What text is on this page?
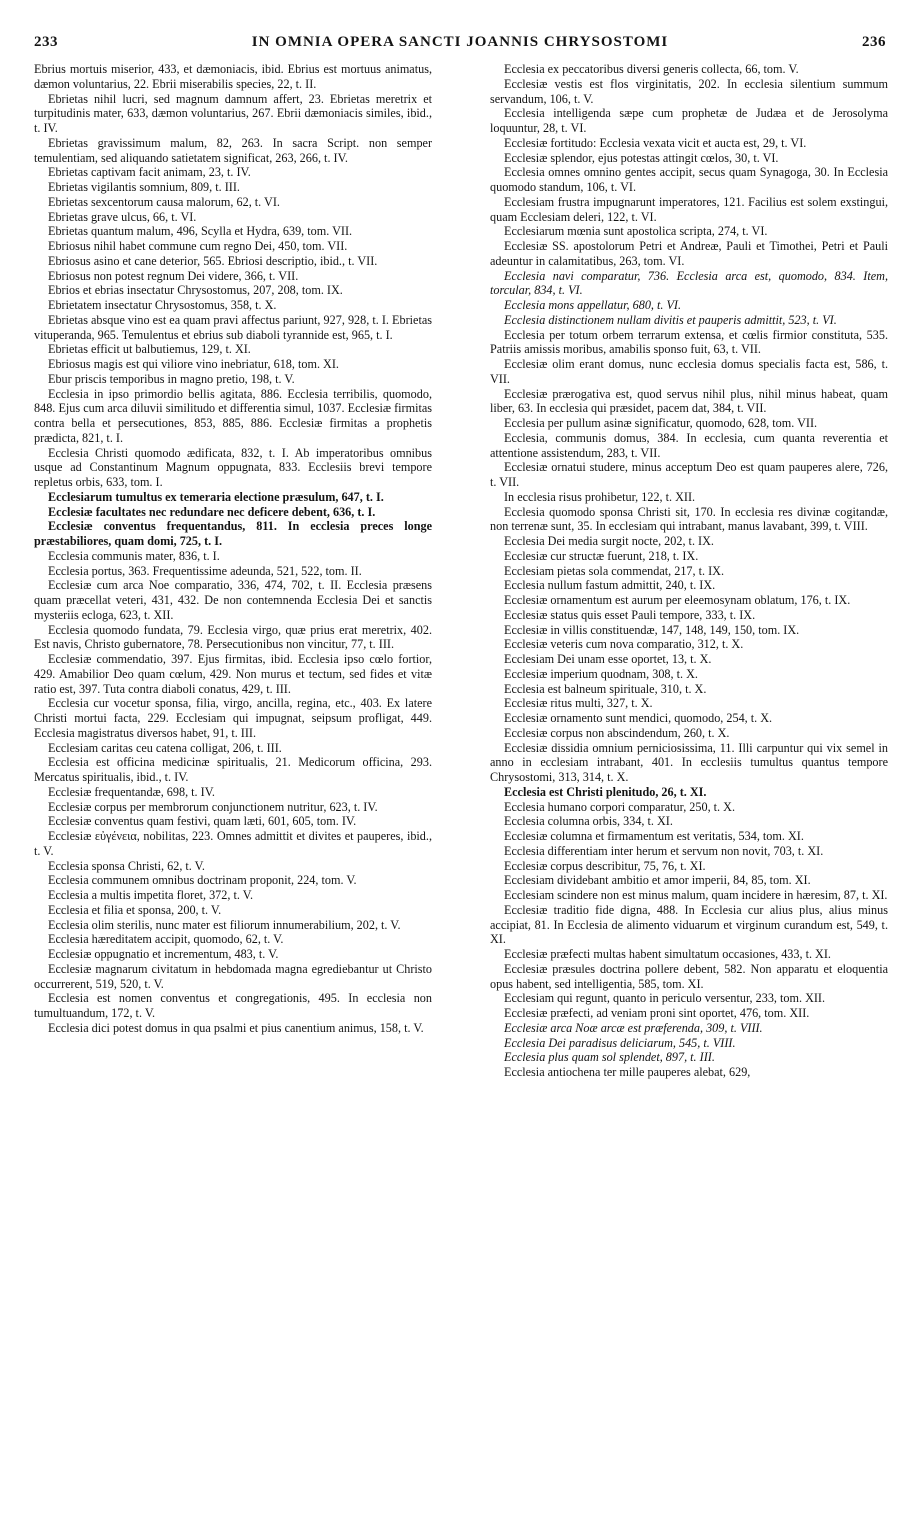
233	IN OMNIA OPERA SANCTI JOANNIS CHRYSOSTOMI	236

Ebrius mortuis miserior, 433, et dæmoniacis, ibid. Ebrius est mortuus animatus, dæmon voluntarius, 22. Ebrii miserabilis species, 22, t. II.

Ebrietas nihil lucri, sed magnum damnum affert, 23. Ebrietas meretrix et turpitudinis mater, 633, dæmon voluntarius, 267. Ebrii dæmoniacis similes, ibid., t. IV.

Ebrietas gravissimum malum, 82, 263. In sacra Script. non semper temulentiam, sed aliquando satietatem significat, 263, 266, t. IV.

Ebrietas captivam facit animam, 23, t. IV.

Ebrietas vigilantis somnium, 809, t. III.

Ebrietas sexcentorum causa malorum, 62, t. VI.

Ebrietas grave ulcus, 66, t. VI.

Ebrietas quantum malum, 496, Scylla et Hydra, 639, tom. VII.

Ebriosus nihil habet commune cum regno Dei, 450, tom. VII.

Ebriosus asino et cane deterior, 565. Ebriosi descriptio, ibid., t. VII.

Ebriosus non potest regnum Dei videre, 366, t. VII.

Ebrios et ebrias insectatur Chrysostomus, 207, 208, tom. IX.

Ebrietatem insectatur Chrysostomus, 358, t. X.

Ebrietas absque vino est ea quam pravi affectus pariunt, 927, 928, t. I. Ebrietas vituperanda, 965. Temulentus et ebrius sub diaboli tyrannide est, 965, t. I.

Ebrietas efficit ut balbutiemus, 129, t. XI.

Ebriosus magis est qui viliore vino inebriatur, 618, tom. XI.

Ebur priscis temporibus in magno pretio, 198, t. V.

Ecclesia in ipso primordio bellis agitata, 886. Ecclesia terribilis, quomodo, 848. Ejus cum arca diluvii similitudo et differentia simul, 1037. Ecclesiæ firmitas contra bella et persecutiones, 853, 885, 886. Ecclesiæ firmitas a prophetis prædicta, 821, t. I.

Ecclesia Christi quomodo ædificata, 832, t. I. Ab imperatoribus omnibus usque ad Constantinum Magnum oppugnata, 833. Ecclesiis brevi tempore repletus orbis, 633, tom. I.

Ecclesiarum tumultus ex temeraria electione præsulum, 647, t. I.

Ecclesiæ facultates nec redundare nec deficere debent, 636, t. I.

Ecclesiæ conventus frequentandus, 811. In ecclesia preces longe præstabiliores, quam domi, 725, t. I.

Ecclesia communis mater, 836, t. I.

Ecclesia portus, 363. Frequentissime adeunda, 521, 522, tom. II.

Ecclesiæ cum arca Noe comparatio, 336, 474, 702, t. II. Ecclesia præsens quam præcellat veteri, 431, 432. De non contemnenda Ecclesia Dei et sanctis mysteriis ecloga, 623, t. XII.

Ecclesia quomodo fundata, 79. Ecclesia virgo, quæ prius erat meretrix, 402. Est navis, Christo gubernatore, 78. Persecutionibus non vincitur, 77, t. III.

Ecclesiæ commendatio, 397. Ejus firmitas, ibid. Ecclesia ipso cœlo fortior, 429. Amabilior Deo quam cœlum, 429. Non murus et tectum, sed fides et vitæ ratio est, 397. Tuta contra diaboli conatus, 429, t. III.

Ecclesia cur vocetur sponsa, filia, virgo, ancilla, regina, etc., 403. Ex latere Christi mortui facta, 229. Ecclesiam qui impugnat, seipsum profligat, 449. Ecclesia magistratus diversos habet, 91, t. III.

Ecclesiam caritas ceu catena colligat, 206, t. III.

Ecclesia est officina medicinæ spiritualis, 21. Medicorum officina, 293. Mercatus spiritualis, ibid., t. IV.

Ecclesiæ frequentandæ, 698, t. IV.

Ecclesiæ corpus per membrorum conjunctionem nutritur, 623, t. IV.

Ecclesiæ conventus quam festivi, quam læti, 601, 605, tom. IV.

Ecclesiæ εὐγένεια, nobilitas, 223. Omnes admittit et divites et pauperes, ibid., t. V.

Ecclesia sponsa Christi, 62, t. V.

Ecclesia communem omnibus doctrinam proponit, 224, tom. V.

Ecclesia a multis impetita floret, 372, t. V.

Ecclesia et filia et sponsa, 200, t. V.

Ecclesia olim sterilis, nunc mater est filiorum innumerabilium, 202, t. V.

Ecclesia hæreditatem accipit, quomodo, 62, t. V.

Ecclesiæ oppugnatio et incrementum, 483, t. V.

Ecclesiæ magnarum civitatum in hebdomada magna egrediebantur ut Christo occurrerent, 519, 520, t. V.

Ecclesia est nomen conventus et congregationis, 495. In ecclesia non tumultuandum, 172, t. V.

Ecclesia dici potest domus in qua psalmi et pius canentium animus, 158, t. V.

Ecclesia ex peccatoribus diversi generis collecta, 66, tom. V.

Ecclesiæ vestis est flos virginitatis, 202. In ecclesia silentium summum servandum, 106, t. V.

Ecclesia intelligenda sæpe cum prophetæ de Judæa et de Jerosolyma loquuntur, 28, t. VI.

Ecclesiæ fortitudo: Ecclesia vexata vicit et aucta est, 29, t. VI.

Ecclesiæ splendor, ejus potestas attingit cœlos, 30, t. VI.

Ecclesia omnes omnino gentes accipit, secus quam Synagoga, 30. In Ecclesia quomodo standum, 106, t. VI.

Ecclesiam frustra impugnarunt imperatores, 121. Facilius est solem exstingui, quam Ecclesiam deleri, 122, t. VI.

Ecclesiarum mœnia sunt apostolica scripta, 274, t. VI.

Ecclesiæ SS. apostolorum Petri et Andreæ, Pauli et Timothei, Petri et Pauli adeuntur in calamitatibus, 263, tom. VI.

Ecclesia navi comparatur, 736. Ecclesia arca est, quomodo, 834. Item, torcular, 834, t. VI.

Ecclesia mons appellatur, 680, t. VI.

Ecclesia distinctionem nullam divitis et pauperis admittit, 523, t. VI.

Ecclesia per totum orbem terrarum extensa, et cœlis firmior constituta, 535. Patriis amissis moribus, amabilis sponso fuit, 63, t. VII.

Ecclesiæ olim erant domus, nunc ecclesia domus specialis facta est, 586, t. VII.

Ecclesiæ prærogativa est, quod servus nihil plus, nihil minus habeat, quam liber, 63. In ecclesia qui præsidet, pacem dat, 384, t. VII.

Ecclesia per pullum asinæ significatur, quomodo, 628, tom. VII.

Ecclesia, communis domus, 384. In ecclesia, cum quanta reverentia et attentione assistendum, 283, t. VII.

Ecclesiæ ornatui studere, minus acceptum Deo est quam pauperes alere, 726, t. VII.

In ecclesia risus prohibetur, 122, t. XII.

Ecclesia quomodo sponsa Christi sit, 170. In ecclesia res divinæ cogitandæ, non terrenæ sunt, 35. In ecclesiam qui intrabant, manus lavabant, 399, t. VIII.

Ecclesia Dei media surgit nocte, 202, t. IX.

Ecclesiæ cur structæ fuerunt, 218, t. IX.

Ecclesiam pietas sola commendat, 217, t. IX.

Ecclesia nullum fastum admittit, 240, t. IX.

Ecclesiæ ornamentum est aurum per eleemosynam oblatum, 176, t. IX.

Ecclesiæ status quis esset Pauli tempore, 333, t. IX.

Ecclesiæ in villis constituendæ, 147, 148, 149, 150, tom. IX.

Ecclesiæ veteris cum nova comparatio, 312, t. X.

Ecclesiam Dei unam esse oportet, 13, t. X.

Ecclesiæ imperium quodnam, 308, t. X.

Ecclesia est balneum spirituale, 310, t. X.

Ecclesiæ ritus multi, 327, t. X.

Ecclesiæ ornamento sunt mendici, quomodo, 254, t. X.

Ecclesiæ corpus non abscindendum, 260, t. X.

Ecclesiæ dissidia omnium perniciosissima, 11. Illi carpuntur qui vix semel in anno in ecclesiam intrabant, 401. In ecclesiis tumultus quantus tempore Chrysostomi, 313, 314, t. X.

Ecclesia est Christi plenitudo, 26, t. XI.

Ecclesia humano corpori comparatur, 250, t. X.

Ecclesia columna orbis, 334, t. XI.

Ecclesiæ columna et firmamentum est veritatis, 534, tom. XI.

Ecclesia differentiam inter herum et servum non novit, 703, t. XI.

Ecclesiæ corpus describitur, 75, 76, t. XI.

Ecclesiam dividebant ambitio et amor imperii, 84, 85, tom. XI.

Ecclesiam scindere non est minus malum, quam incidere in hæresim, 87, t. XI.

Ecclesiæ traditio fide digna, 488. In Ecclesia cur alius plus, alius minus accipiat, 81. In Ecclesia de alimento viduarum et virginum curandum est, 549, t. XI.

Ecclesiæ præfecti multas habent simultatum occasiones, 433, t. XI.

Ecclesiæ præsules doctrina pollere debent, 582. Non apparatu et eloquentia opus habent, sed intelligentia, 585, tom. XI.

Ecclesiam qui regunt, quanto in periculo versentur, 233, tom. XII.

Ecclesiæ præfecti, ad veniam proni sint oportet, 476, tom. XII.

Ecclesiæ arca Noæ arcæ est præferenda, 309, t. VIII.

Ecclesia Dei paradisus deliciarum, 545, t. VIII.

Ecclesia plus quam sol splendet, 897, t. III.

Ecclesia antiochena ter mille pauperes alebat, 629,
